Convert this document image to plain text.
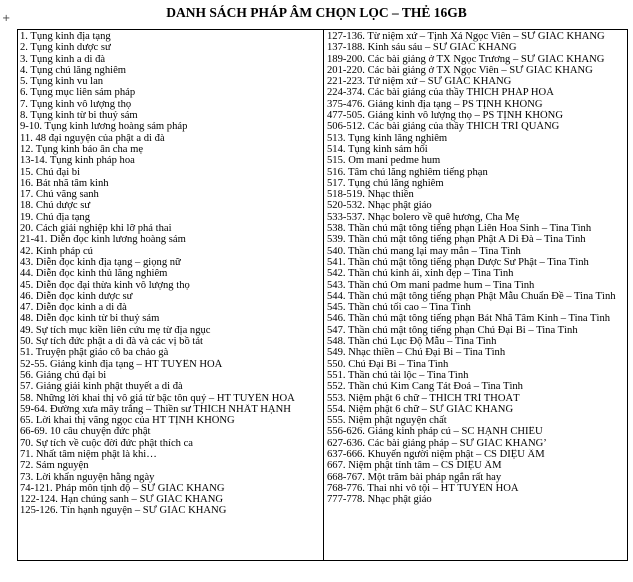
+	DANH SÁCH PHÁP ÂM CHỌN LỌC – THẺ 16GB
1. Tụng kinh địa tạng
2. Tụng kinh dược sư
3. Tụng kinh a di đà
4. Tụng chú lăng nghiêm
5. Tụng kinh vu lan
6. Tụng mục liên sám pháp
7. Tụng kinh vô lượng thọ
8. Tụng kinh từ bi thuỷ sám
9-10. Tụng kinh lương hoàng sám pháp
11. 48 đại nguyện của phật a di đà
12. Tụng kinh báo ân cha mẹ
13-14. Tụng kinh pháp hoa
15. Chú đại bi
16. Bát nhã tâm kinh
17. Chú vãng sanh
18. Chú dược sư
19. Chú địa tạng
20. Cách giải nghiệp khi lỡ phá thai
21-41. Diễn đọc kinh lương hoàng sám
42. Kinh pháp cú
43. Diễn đọc kinh địa tạng – giọng nữ
44. Diễn đọc kinh thủ lăng nghiêm
45. Diễn đọc đại thừa kinh vô lượng thọ
46. Diễn đọc kinh dược sư
47. Diễn đọc kinh a di đà
48. Diễn đọc kinh từ bi thuỷ sám
49. Sự tích mục kiền liên cứu mẹ từ địa ngục
50. Sự tích đức phật a di đà và các vị bồ tát
51. Truyện phật giáo cô ba chảo gà
52-55. Giảng kinh địa tạng – HT TUYÊN HOÁ
56. Giảng chú đại bi
57. Giảng giải kinh phật thuyết a di đà
58. Những lời khai thị vô giá từ bậc tôn quý – HT TUYÊN HOÁ
59-64. Đường xưa mây trắng – Thiền sư THÍCH NHẤT HẠNH
65. Lời khai thị vãng ngọc của HT TỊNH KHÔNG
66-69. 10 câu chuyện đức phật
70. Sự tích về cuộc đời đức phật thích ca
71. Nhất tâm niệm phật là khi…
72. Sám nguyện
73. Lời khẩn nguyện hằng ngày
74-121. Pháp môn tịnh độ – SƯ GIÁC KHANG
122-124. Hạn chúng sanh – SƯ GIÁC KHANG
125-126. Tín hạnh nguyện – SƯ GIÁC KHANG
127-136. Từ niệm xứ – Tịnh Xá Ngọc Viên – SƯ GIÁC KHANG
137-188. Kinh sáu sáu – SƯ GIÁC KHANG
189-200. Các bài giảng ở TX Ngọc Trương – SƯ GIÁC KHANG
201-220. Các bài giảng ở TX Ngọc Viên – SƯ GIÁC KHANG
221-223. Tứ niệm xứ – SƯ GIÁC KHANG
224-374. Các bài giảng của thầy THÍCH PHÁP HOÀ
375-476. Giảng kinh địa tạng – PS TỊNH KHÔNG
477-505. Giảng kinh vô lượng thọ – PS TỊNH KHÔNG
506-512. Các bài giảng của thầy THÍCH TRÍ QUẢNG
513. Tụng kinh lăng nghiêm
514. Tụng kinh sám hối
515. Om mani pedme hum
516. Tâm chú lăng nghiêm tiếng phạn
517. Tụng chú lăng nghiêm
518-519. Nhạc thiền
520-532. Nhạc phật giáo
533-537. Nhạc bolero về quê hương, Cha Mẹ
538. Thần chú mật tông tiếng phạn Liên Hoa Sinh – Tina Tình
539. Thần chú mật tông tiếng phạn Phật A Di Đà – Tina Tình
540. Thần chú mang lại may mắn – Tina Tình
541. Thần chú mật tông tiếng phạn Dược Sư Phật – Tina Tình
542. Thần chú kinh ái, xinh đẹp – Tina Tình
543. Thần chú Om mani padme hum – Tina Tình
544. Thần chú mật tông tiếng phạn Phật Mẫu Chuẩn Đề – Tina Tình
545. Thần chú tối cao – Tina Tình
546. Thần chú mật tông tiếng phạn Bát Nhã Tâm Kinh – Tina Tình
547. Thần chú mật tông tiếng phạn Chú Đại Bi – Tina Tình
548. Thần chú Lục Độ Mẫu – Tina Tình
549. Nhạc thiền – Chú Đại Bi – Tina Tình
550. Chú Đại Bi – Tina Tình
551. Thần chú tài lộc – Tina Tình
552. Thần chú Kim Cang Tát Đoả – Tina Tình
553. Niệm phật 6 chữ – THÍCH TRÍ THOÁT
554. Niệm phật 6 chữ – SƯ GIÁC KHANG
555. Niệm phật nguyện chất
556-626. Giảng kinh pháp cú – SC HẠNH CHIẾU
627-636. Các bài giảng pháp – SƯ GIÁC KHANG’
637-666. Khuyến người niệm phật – CS DIỆU ÂM
667. Niệm phật tỉnh tâm – CS DIỆU ÂM
668-767. Một trăm bài pháp ngắn rất hay
768-776. Thai nhi vô tội – HT TUYÊN HOÁ
777-778. Nhạc phật giáo
